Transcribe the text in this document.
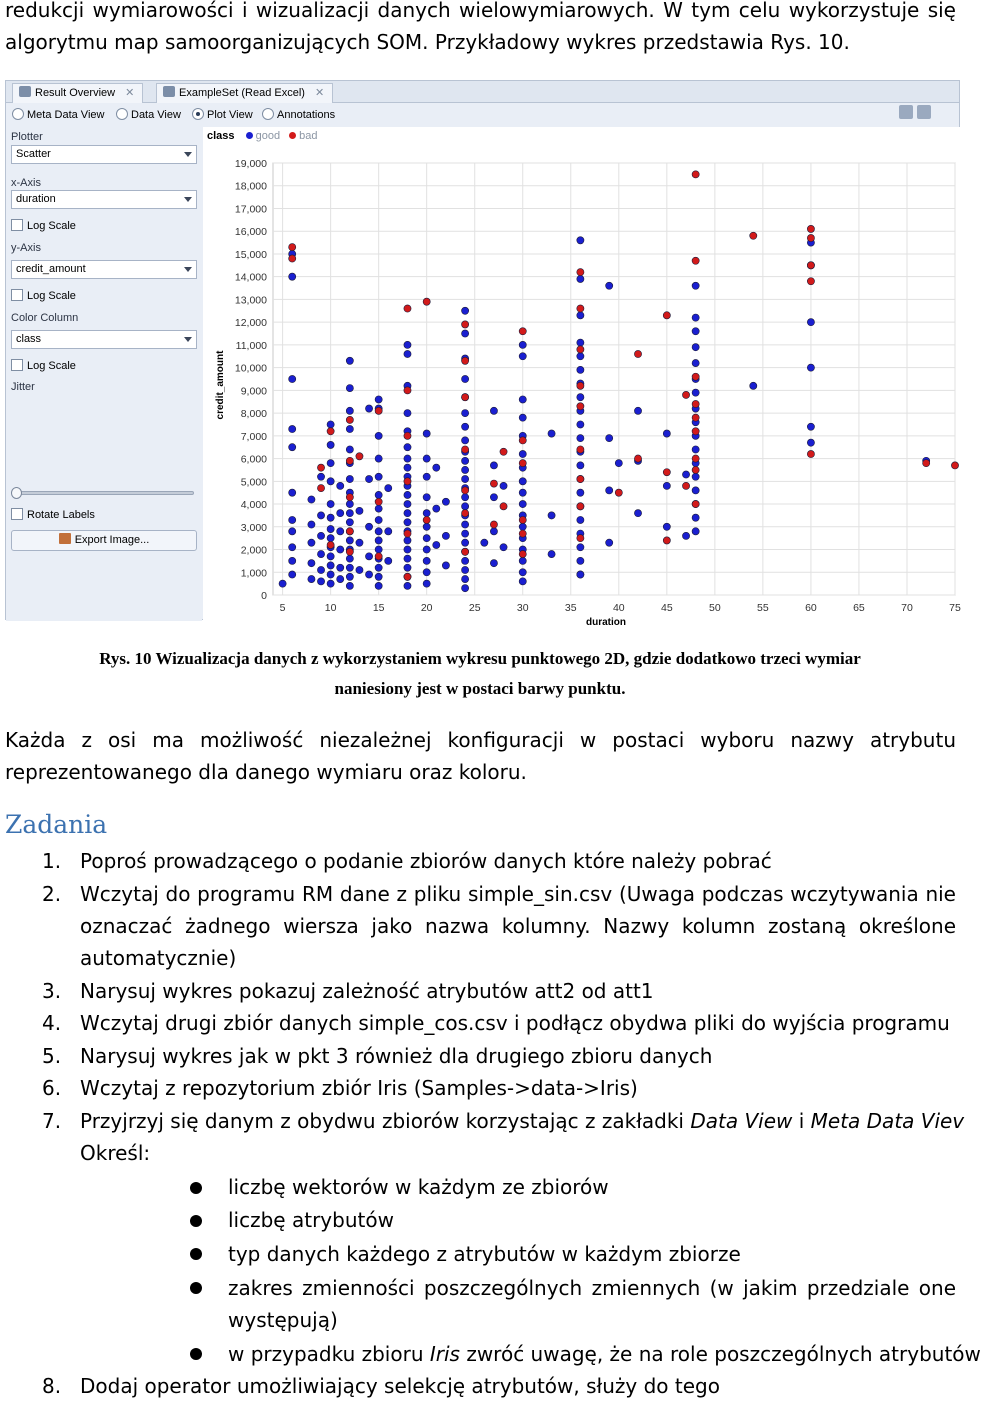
redukcji wymiarowości i wizualizacji danych wielowymiarowych. W tym celu wykorzystuje się
algorytmu map samoorganizujących SOM. Przykładowy wykres przedstawia Rys. 10.
Result Overview ✕	ExampleSet (Read Excel) ✕
Meta Data View	Data View	Plot View	Annotations
Plotter
Scatter
x-Axis
duration
Log Scale
y-Axis
credit_amount
Log Scale
Color Column
class
Log Scale
Jitter
Rotate Labels
Export Image...
0
1,000
2,000
3,000
4,000
5,000
6,000
7,000
8,000
9,000
10,000
11,000
12,000
13,000
14,000
15,000
16,000
17,000
18,000
19,000
5	10	15	20	25	30	35	40	45	50	55	60	65	70	75
duration
credit_amount
class good bad
Rys. 10 Wizualizacja danych z wykorzystaniem wykresu punktowego 2D, gdzie dodatkowo trzeci wymiar
naniesiony jest w postaci barwy punktu.
Każda z osi ma możliwość niezależnej konfiguracji w postaci wyboru nazwy atrybutu
reprezentowanego dla danego wymiaru oraz koloru.
Zadania
1. Poproś prowadzącego o podanie zbiorów danych które należy pobrać
2. Wczytaj do programu RM dane z pliku simple_sin.csv (Uwaga podczas wczytywania nie
oznaczać żadnego wiersza jako nazwa kolumny. Nazwy kolumn zostaną określone
automatycznie)
3. Narysuj wykres pokazuj zależność atrybutów att2 od att1
4. Wczytaj drugi zbiór danych simple_cos.csv i podłącz obydwa pliki do wyjścia programu
5. Narysuj wykres jak w pkt 3 również dla drugiego zbioru danych
6. Wczytaj z repozytorium zbiór Iris (Samples->data->Iris)
7. Przyjrzyj się danym z obydwu zbiorów korzystając z zakładki Data View i Meta Data Viev
Określ:
liczbę wektorów w każdym ze zbiorów
liczbę atrybutów
typ danych każdego z atrybutów w każdym zbiorze
zakres zmienności poszczególnych zmiennych (w jakim przedziale one
występują)
w przypadku zbioru Iris zwróć uwagę, że na role poszczególnych atrybutów
8. Dodaj operator umożliwiający selekcję atrybutów, służy do tego
